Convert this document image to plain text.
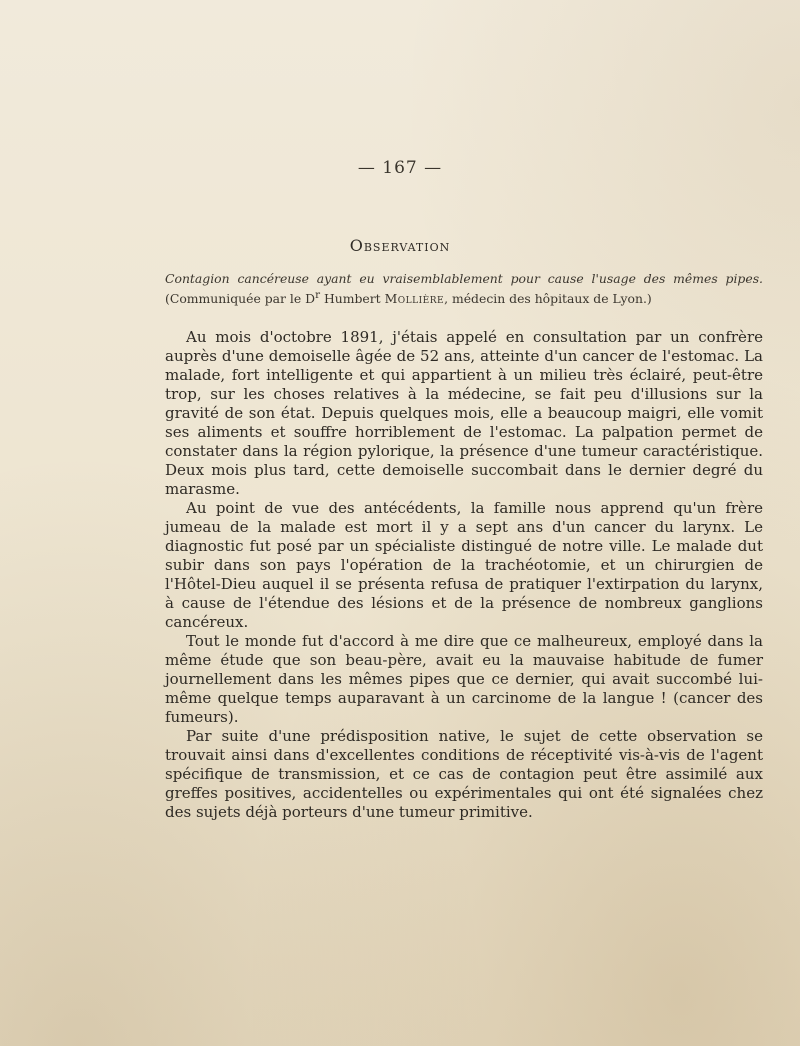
— 167 —
Observation
Contagion cancéreuse ayant eu vraisemblablement pour cause l'usage des mêmes pipes. (Communiquée par le $D^r$ Humbert Mollière, médecin des hôpitaux de Lyon.)

Au mois d'octobre 1891, j'étais appelé en consultation par un confrère auprès d'une demoiselle âgée de 52 ans, atteinte d'un cancer de l'estomac. La malade, fort intelligente et qui appartient à un milieu très éclairé, peut-être trop, sur les choses relatives à la médecine, se fait peu d'illusions sur la gravité de son état. Depuis quelques mois, elle a beaucoup maigri, elle vomit ses aliments et souffre horriblement de l'estomac. La palpation permet de constater dans la région pylorique, la présence d'une tumeur caractéristique. Deux mois plus tard, cette demoiselle succombait dans le dernier degré du marasme.

Au point de vue des antécédents, la famille nous apprend qu'un frère jumeau de la malade est mort il y a sept ans d'un cancer du larynx. Le diagnostic fut posé par un spécialiste distingué de notre ville. Le malade dut subir dans son pays l'opération de la trachéotomie, et un chirurgien de l'Hôtel-Dieu auquel il se présenta refusa de pratiquer l'extirpation du larynx, à cause de l'étendue des lésions et de la présence de nombreux ganglions cancéreux.

Tout le monde fut d'accord à me dire que ce malheureux, employé dans la même étude que son beau-père, avait eu la mauvaise habitude de fumer journellement dans les mêmes pipes que ce dernier, qui avait succombé lui-même quelque temps auparavant à un carcinome de la langue ! (cancer des fumeurs).

Par suite d'une prédisposition native, le sujet de cette observation se trouvait ainsi dans d'excellentes conditions de réceptivité vis-à-vis de l'agent spécifique de transmission, et ce cas de contagion peut être assimilé aux greffes positives, accidentelles ou expérimentales qui ont été signalées chez des sujets déjà porteurs d'une tumeur primitive.
